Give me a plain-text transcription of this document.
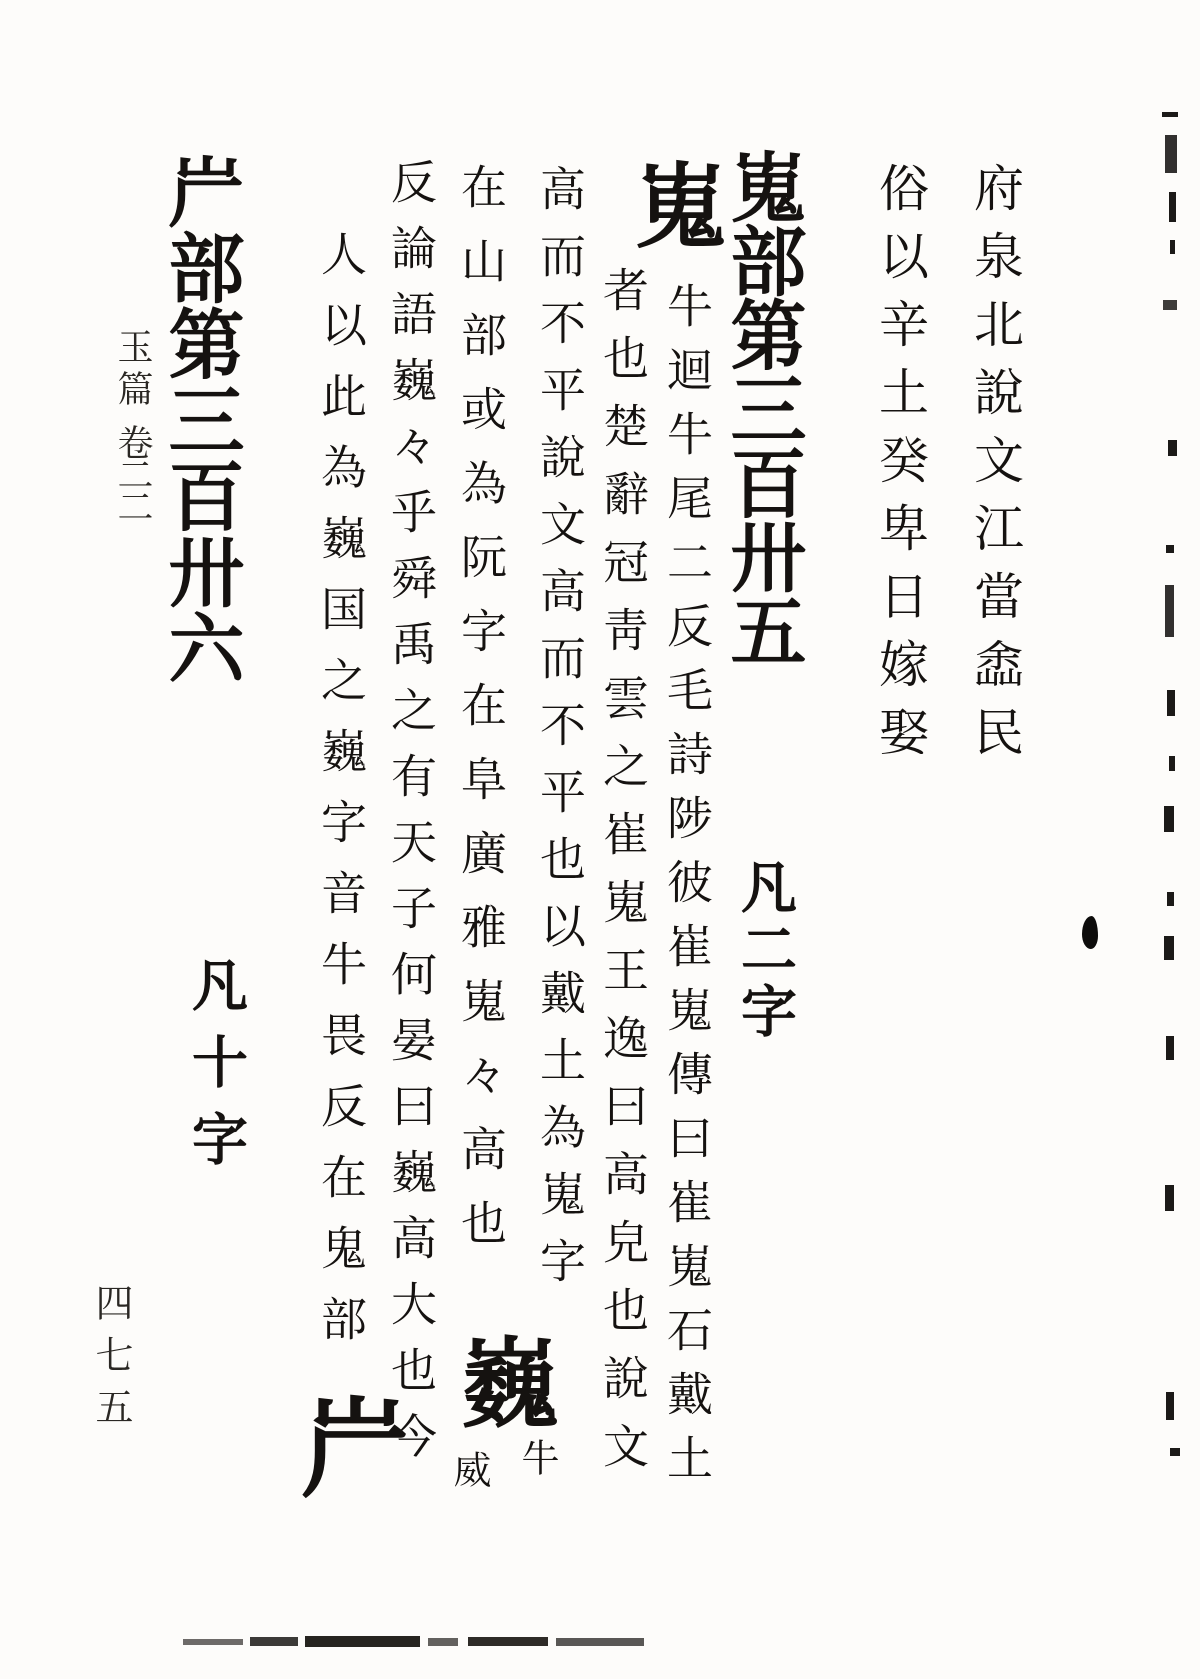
府泉北說文江當嵞民
俗以辛土癸卑日嫁娶
嵬部第三百卅五
凡二字
嵬
牛迴牛尾二反毛詩陟彼崔嵬傳曰崔嵬石戴土
者也楚辭冠靑雲之崔嵬王逸曰高皃也說文
高而不平說文高而不平也以戴土為嵬字
在山部或為阮字在阜廣雅嵬々高也
巍
牛
威
反論語巍々乎舜禹之有天子何晏曰巍高大也今
人以此為巍国之巍字音牛畏反在鬼部
屵
屵部第三百卅六
凡十字
玉篇
卷二二
四七五
